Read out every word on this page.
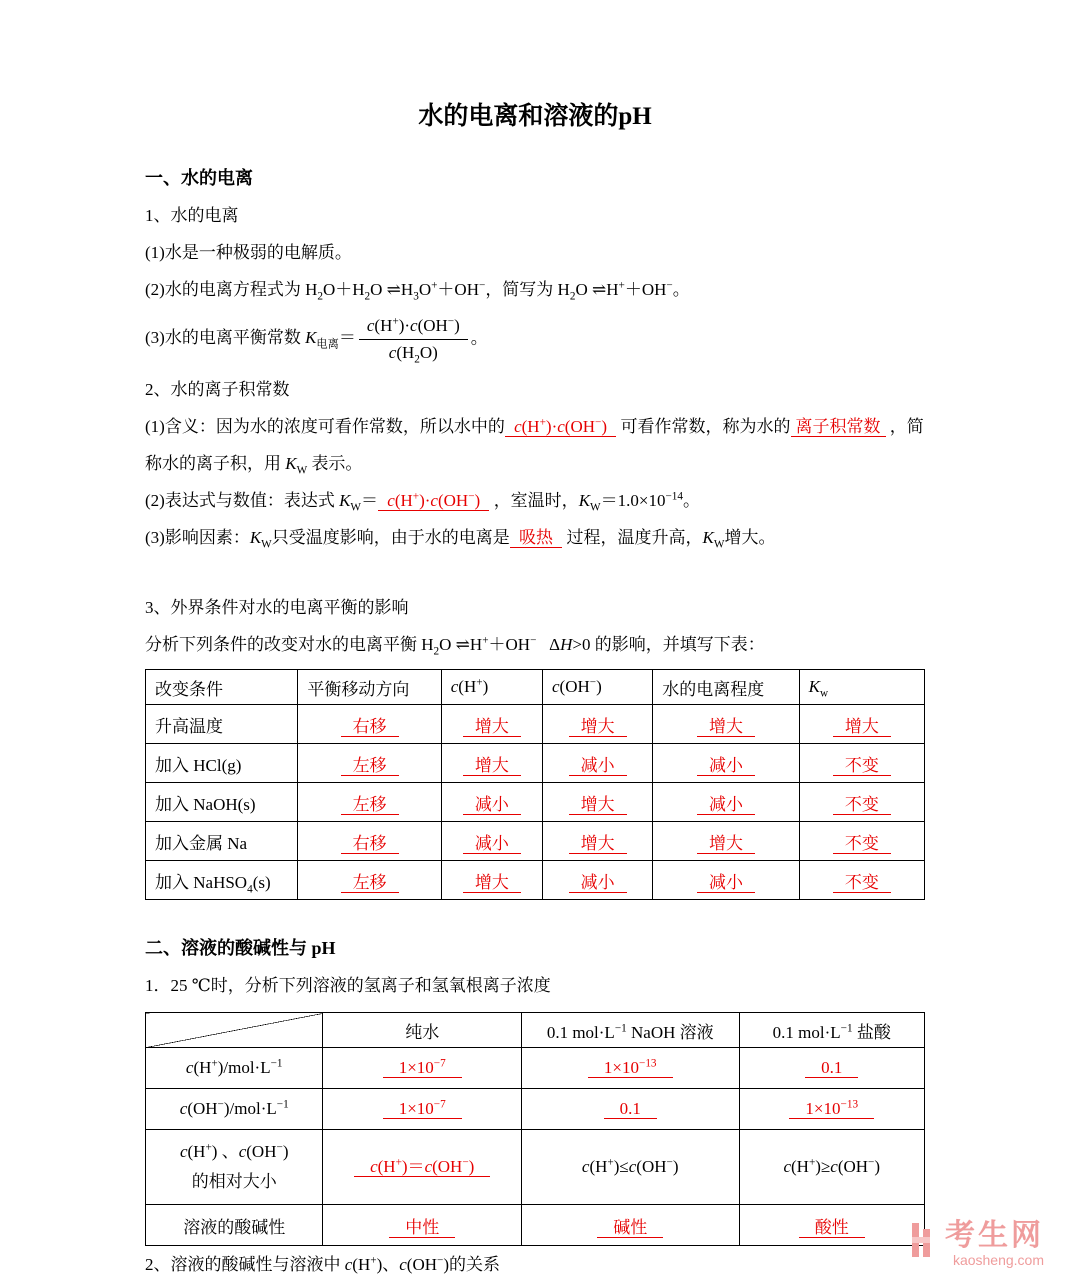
水的电离和溶液的pH

一、水的电离

1、水的电离

(1)水是一种极弱的电解质。

(2)水的电离方程式为 $H_2O+H_2O$ $\rightleftharpoons H_3O^++OH^-$，简写为 $H_2O$ ⇌H+＋OH−。

(3)水的电离平衡常数 $K_{电离}= \frac{c(H^+)\cdot c(OH^-)}{c(H_2O)}$ 。

2、水的离子积常数

(1)含义：因为水的浓度可看作常数，所以水中的 c(H+)·c(OH−)  可看作常数，称为水的 离子积常数 ，简称水的离子积，用 $K_W$ 表示。

(2)表达式与数值：表达式 $K_W= c(H^+)\cdot c(OH^-)$  ，室温时，$K_W=1.0\times 10^{-14}$。

(3)影响因素：$K_W$只受温度影响，由于水的电离是 吸热  过程，温度升高，$K_W$增大。

3、外界条件对水的电离平衡的影响

分析下列条件的改变对水的电离平衡 $H_2O$ ⇌H+＋OH−   ΔH>0 的影响，并填写下表：

改变条件	平衡移动方向	c(H+)	c(OH−)	水的电离程度	$K_w$
升高温度	右移	增大	增大	增大	增大
加入 HCl(g)	左移	增大	减小	减小	不变
加入 NaOH(s)	左移	减小	增大	减小	不变
加入金属 Na	右移	减小	增大	增大	不变
加入 NaHSO$_4$(s)	左移	增大	减小	减小	不变

二、溶液的酸碱性与 pH

1．25 ℃时，分析下列溶液的氢离子和氢氧根离子浓度

	纯水	0.1 $mol\cdot L^{-1}$ NaOH 溶液	0.1 $mol\cdot L^{-1}$ 盐酸
$c(H^+)/mol\cdot L^{-1}$	$1\times 10^{-7}$	$1\times 10^{-13}$	0.1
$c(OH^-)/mol\cdot L^{-1}$	$1\times 10^{-7}$	0.1	$1\times 10^{-13}$
c(H+) 、c(OH−)
的相对大小	c(H+)＝c(OH−)	c(H+)≤c(OH−)	c(H+)≥c(OH−)
溶液的酸碱性	中性	碱性	酸性

2、溶液的酸碱性与溶液中 c(H+)、c(OH−)的关系

考生网
kaosheng.com
